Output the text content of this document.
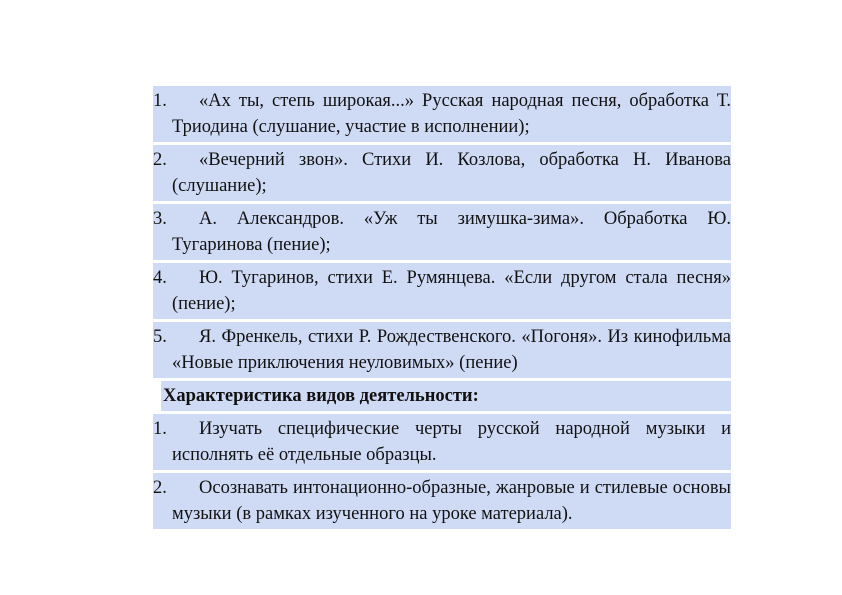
1.	«Ах ты, степь широкая...» Русская народная песня, обработка Т. Триодина (слушание, участие в исполнении);
2.	«Вечерний звон». Стихи И. Козлова, обработка Н. Иванова (слушание);
3.	А. Александров. «Уж ты зимушка-зима». Обработка Ю. Тугаринова (пение);
4.	Ю. Тугаринов, стихи Е. Румянцева. «Если другом стала песня» (пение);
5.	Я. Френкель, стихи Р. Рождественского. «Погоня». Из кинофильма «Новые приключения неуловимых» (пение)
Характеристика видов деятельности:
1.	Изучать специфические черты русской народной музыки и исполнять её отдельные образцы.
2.	Осознавать интонационно-образные, жанровые и стилевые основы музыки (в рамках изученного на уроке материала).
